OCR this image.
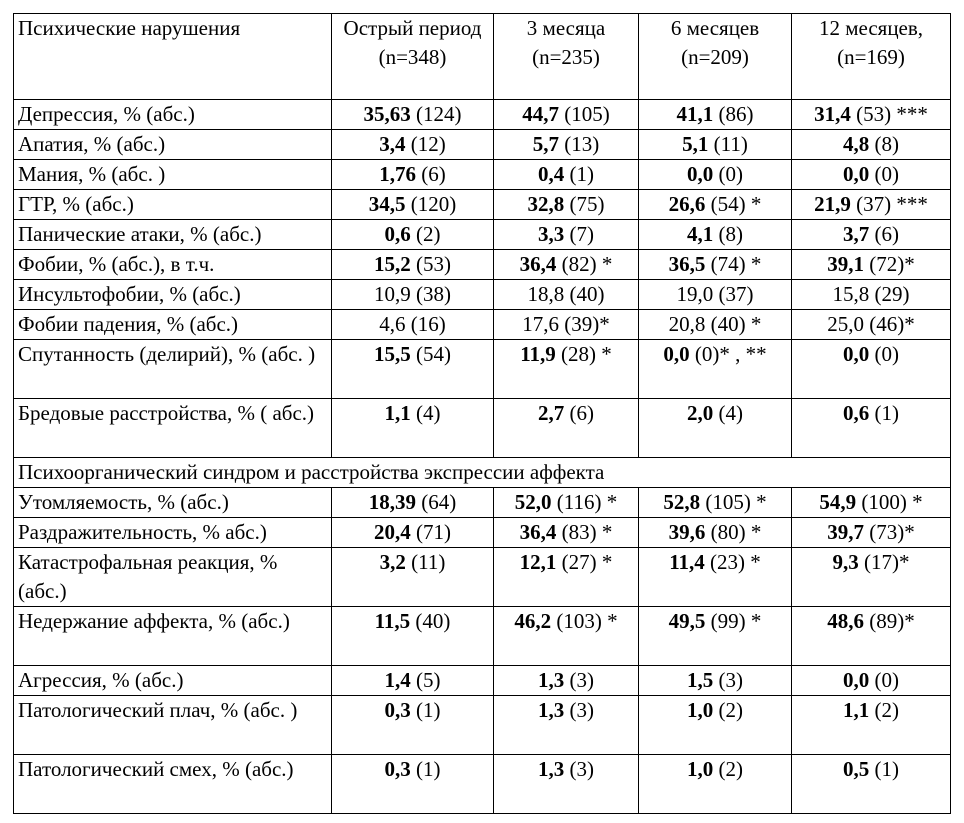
Психические нарушения	Острый период (n=348)	3 месяца (n=235)	6 месяцев (n=209)	12 месяцев, (n=169)
Депрессия, % (абс.)	35,63 (124)	44,7 (105)	41,1 (86)	31,4 (53) ***
Апатия, % (абс.)	3,4 (12)	5,7 (13)	5,1 (11)	4,8 (8)
Мания, % (абс. )	1,76 (6)	0,4 (1)	0,0 (0)	0,0 (0)
ГТР, % (абс.)	34,5 (120)	32,8 (75)	26,6 (54) *	21,9 (37) ***
Панические атаки, % (абс.)	0,6 (2)	3,3 (7)	4,1 (8)	3,7 (6)
Фобии, % (абс.), в т.ч.	15,2 (53)	36,4 (82) *	36,5 (74) *	39,1 (72)*
Инсультофобии, % (абс.)	10,9 (38)	18,8 (40)	19,0 (37)	15,8 (29)
Фобии падения, % (абс.)	4,6 (16)	17,6 (39)*	20,8 (40) *	25,0 (46)*
Спутанность (делирий), % (абс. )	15,5 (54)	11,9 (28) *	0,0 (0)* , **	0,0 (0)
Бредовые расстройства, % ( абс.)	1,1 (4)	2,7 (6)	2,0 (4)	0,6 (1)
Психоорганический синдром и расстройства экспрессии аффекта				
Утомляемость, % (абс.)	18,39 (64)	52,0 (116) *	52,8 (105) *	54,9 (100) *
Раздражительность, % абс.)	20,4 (71)	36,4 (83) *	39,6 (80) *	39,7 (73)*
Катастрофальная реакция, % (абс.)	3,2 (11)	12,1 (27) *	11,4 (23) *	9,3 (17)*
Недержание аффекта, % (абс.)	11,5 (40)	46,2 (103) *	49,5 (99) *	48,6 (89)*
Агрессия, % (абс.)	1,4 (5)	1,3 (3)	1,5 (3)	0,0 (0)
Патологический плач, % (абс. )	0,3 (1)	1,3 (3)	1,0 (2)	1,1 (2)
Патологический смех, % (абс.)	0,3 (1)	1,3 (3)	1,0 (2)	0,5 (1)
